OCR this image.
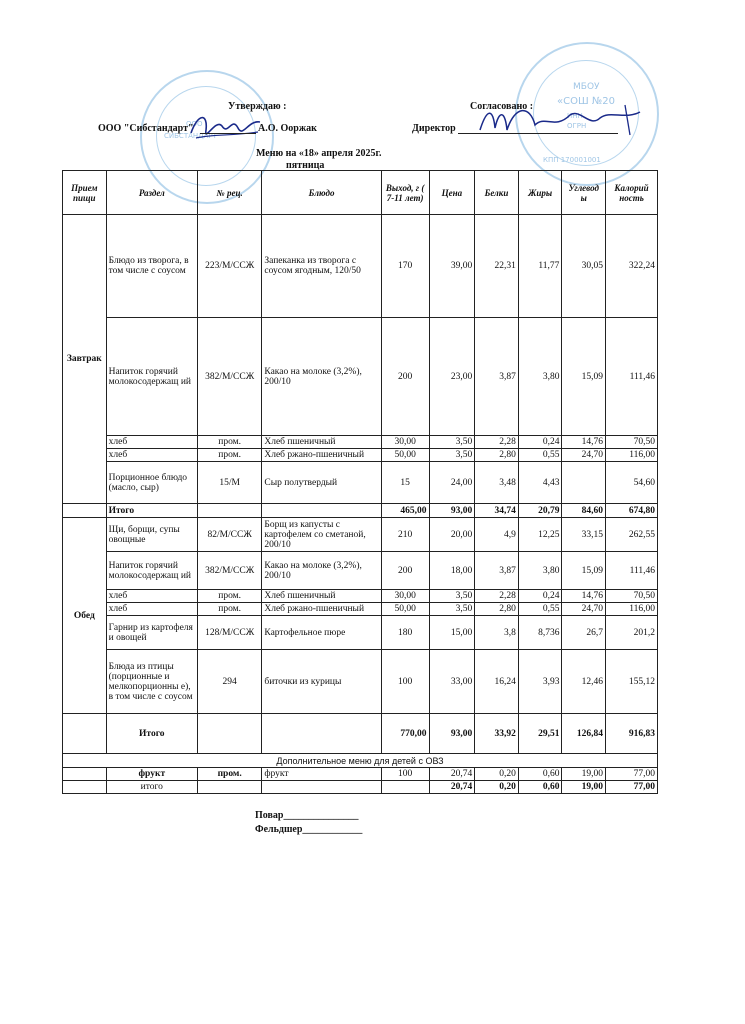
ООО
СИБСТАНДАРТ
МБОУ
«СОШ №20
ИНН
ОГРН
КПП 170001001
Утверждаю :	Согласовано :
ООО "Сибстандарт"	А.О. Ооржак	Директор
Меню на «18» апреля 2025г.
пятница
Прием пищи	Раздел	№ рец.	Блюдо	Выход, г ( 7-11 лет)	Цена	Белки	Жиры	Углевод ы	Калорий ность
Завтрак	Блюдо из творога, в том числе с соусом	223/М/ССЖ	Запеканка из творога с соусом ягодным, 120/50	170	39,00	22,31	11,77	30,05	322,24
	Напиток горячий молокосодержащ ий	382/М/ССЖ	Какао на молоке (3,2%), 200/10	200	23,00	3,87	3,80	15,09	111,46
	хлеб	пром.	Хлеб пшеничный	30,00	3,50	2,28	0,24	14,76	70,50
	хлеб	пром.	Хлеб ржано-пшеничный	50,00	3,50	2,80	0,55	24,70	116,00
	Порционное блюдо (масло, сыр)	15/М	Сыр полутвердый	15	24,00	3,48	4,43		54,60
	Итого			465,00	93,00	34,74	20,79	84,60	674,80
Обед	Щи, борщи, супы овощные	82/М/ССЖ	Борщ из капусты с картофелем со сметаной, 200/10	210	20,00	4,9	12,25	33,15	262,55
	Напиток горячий молокосодержащ ий	382/М/ССЖ	Какао на молоке (3,2%), 200/10	200	18,00	3,87	3,80	15,09	111,46
	хлеб	пром.	Хлеб пшеничный	30,00	3,50	2,28	0,24	14,76	70,50
	хлеб	пром.	Хлеб ржано-пшеничный	50,00	3,50	2,80	0,55	24,70	116,00
	Гарнир из картофеля и овощей	128/М/ССЖ	Картофельное пюре	180	15,00	3,8	8,736	26,7	201,2
	Блюда из птицы (порционные и мелкопорционны е), в том числе с соусом	294	биточки из курицы	100	33,00	16,24	3,93	12,46	155,12
	Итого			770,00	93,00	33,92	29,51	126,84	916,83
Дополнительное меню для детей с ОВЗ									
	фрукт	пром.	фрукт	100	20,74	0,20	0,60	19,00	77,00
	итого				20,74	0,20	0,60	19,00	77,00
Повар_______________
Фельдшер____________
